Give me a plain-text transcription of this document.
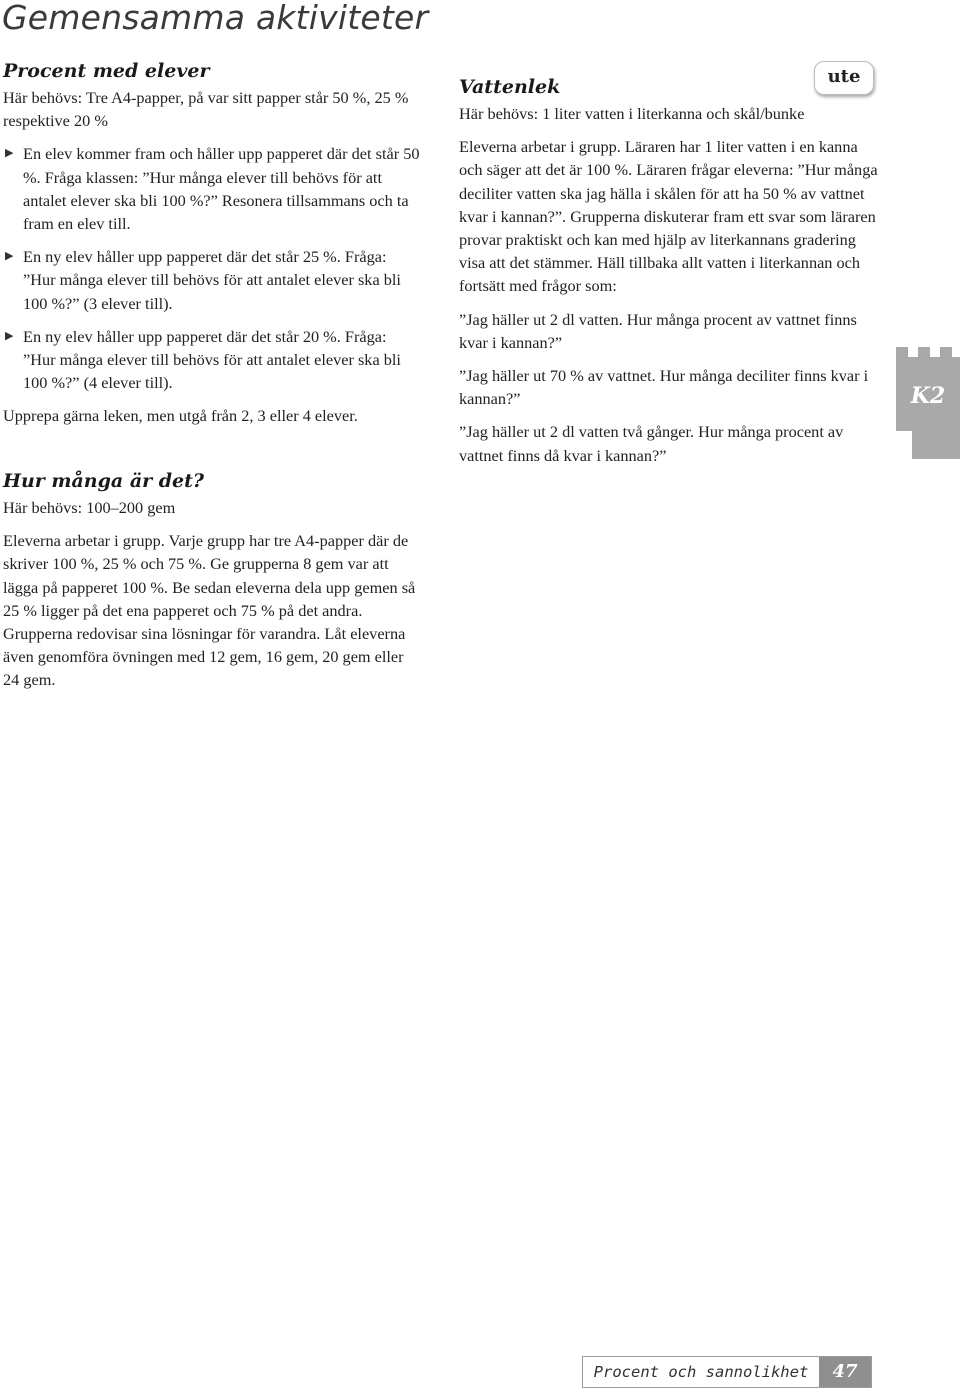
Gemensamma aktiviteter
Procent med elever

Här behövs: Tre A4-papper, på var sitt papper står 50 %, 25 % respektive 20 %

▶ En elev kommer fram och håller upp papperet där det står 50 %. Fråga klassen: ”Hur många elever till behövs för att antalet elever ska bli 100 %?” Resonera tillsammans och ta fram en elev till.
▶ En ny elev håller upp papperet där det står 25 %. Fråga: ”Hur många elever till behövs för att antalet elever ska bli 100 %?” (3 elever till).
▶ En ny elev håller upp papperet där det står 20 %. Fråga: ”Hur många elever till behövs för att antalet elever ska bli 100 %?” (4 elever till).

Upprepa gärna leken, men utgå från 2, 3 eller 4 elever.

Hur många är det?

Här behövs: 100–200 gem

Eleverna arbetar i grupp. Varje grupp har tre A4-papper där de skriver 100 %, 25 % och 75 %. Ge grupperna 8 gem var att lägga på papperet 100 %. Be sedan eleverna dela upp gemen så 25 % ligger på det ena papperet och 75 % på det andra. Grupperna redovisar sina lösningar för varandra. Låt eleverna även genomföra övningen med 12 gem, 16 gem, 20 gem eller 24 gem.

ute
Vattenlek

Här behövs: 1 liter vatten i literkanna och skål/bunke

Eleverna arbetar i grupp. Läraren har 1 liter vatten i en kanna och säger att det är 100 %. Läraren frågar eleverna: ”Hur många deciliter vatten ska jag hälla i skålen för att ha 50 % av vattnet kvar i kannan?”. Grupperna diskuterar fram ett svar som läraren provar praktiskt och kan med hjälp av literkannans gradering visa att det stämmer. Häll tillbaka allt vatten i literkannan och fortsätt med frågor som:

”Jag häller ut 2 dl vatten. Hur många procent av vattnet finns kvar i kannan?”

”Jag häller ut 70 % av vattnet. Hur många deciliter finns kvar i kannan?”

”Jag häller ut 2 dl vatten två gånger. Hur många procent av vattnet finns då kvar i kannan?”

K2
Procent och sannolikhet	47
